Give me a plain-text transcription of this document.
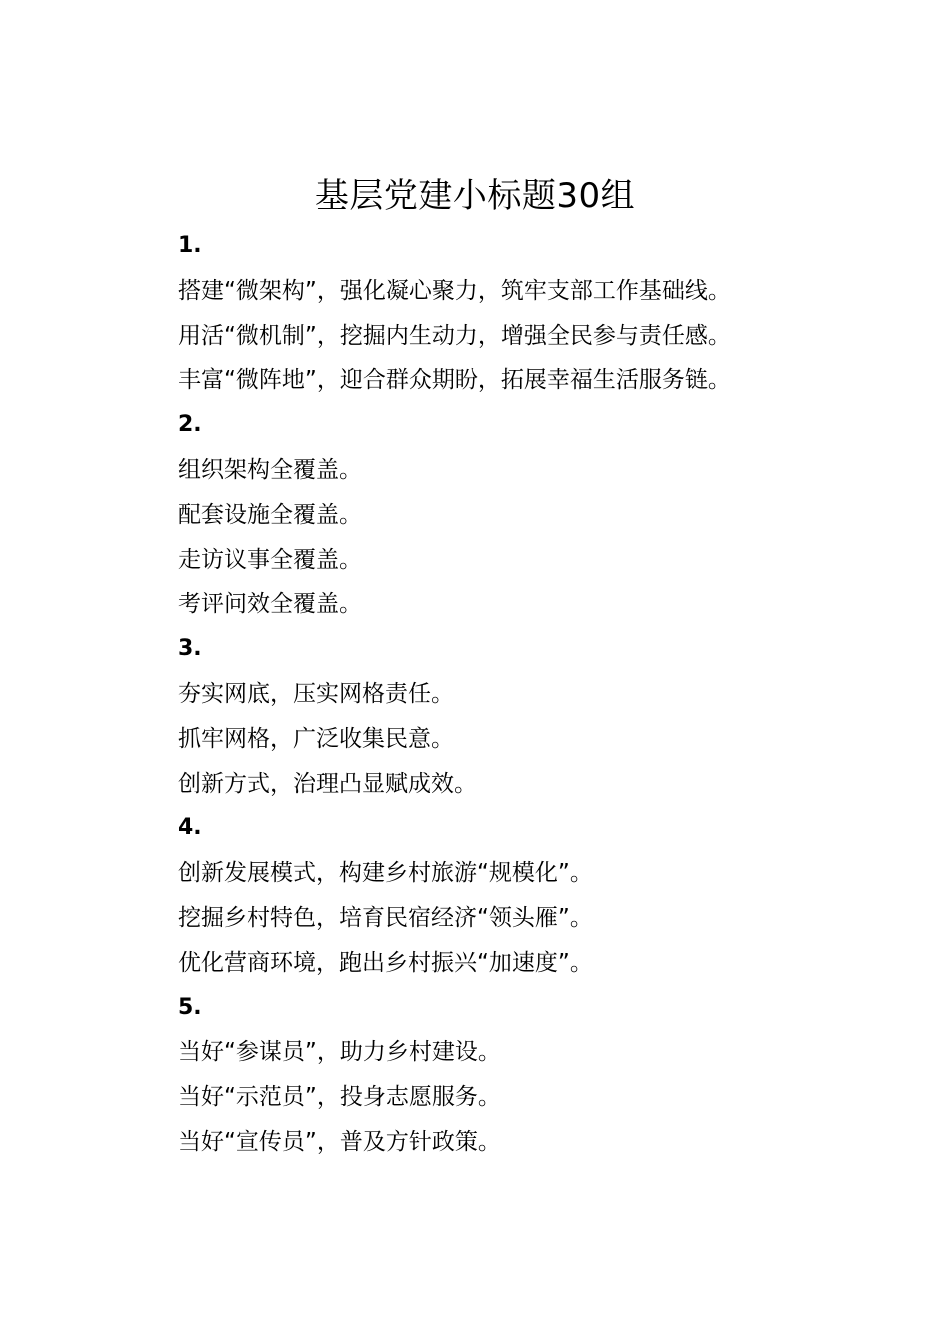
基层党建小标题30组
1.
搭建“微架构”，强化凝心聚力，筑牢支部工作基础线。
用活“微机制”，挖掘内生动力，增强全民参与责任感。
丰富“微阵地”，迎合群众期盼，拓展幸福生活服务链。
2.
组织架构全覆盖。
配套设施全覆盖。
走访议事全覆盖。
考评问效全覆盖。
3.
夯实网底，压实网格责任。
抓牢网格，广泛收集民意。
创新方式，治理凸显赋成效。
4.
创新发展模式，构建乡村旅游“规模化”。
挖掘乡村特色，培育民宿经济“领头雁”。
优化营商环境，跑出乡村振兴“加速度”。
5.
当好“参谋员”，助力乡村建设。
当好“示范员”，投身志愿服务。
当好“宣传员”，普及方针政策。
